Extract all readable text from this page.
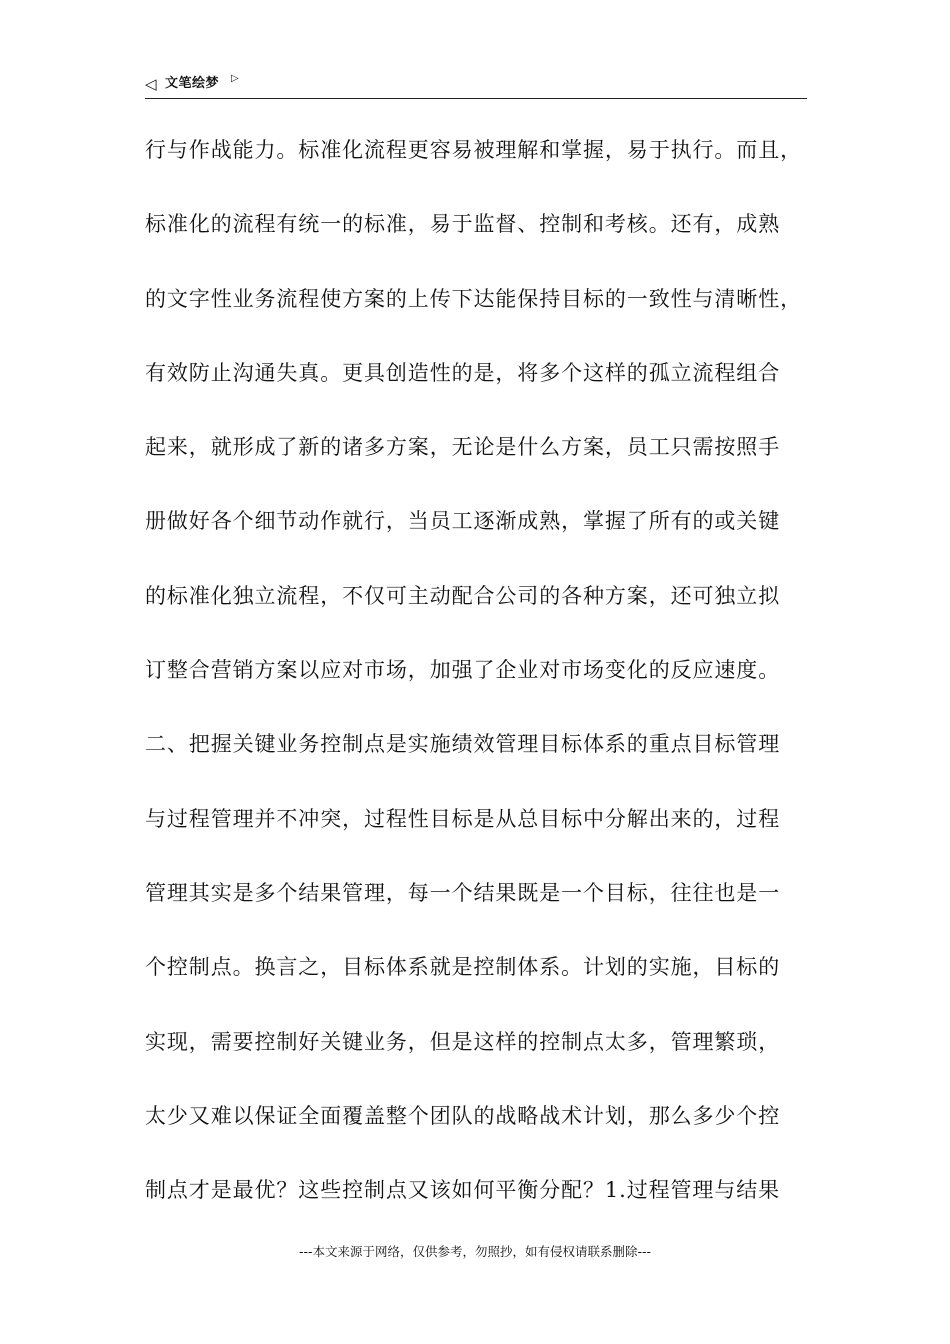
◁ 文笔绘梦 ▷
行与作战能力。标准化流程更容易被理解和掌握，易于执行。而且，
标准化的流程有统一的标准，易于监督、控制和考核。还有，成熟
的文字性业务流程使方案的上传下达能保持目标的一致性与清晰性，
有效防止沟通失真。更具创造性的是，将多个这样的孤立流程组合
起来，就形成了新的诸多方案，无论是什么方案，员工只需按照手
册做好各个细节动作就行，当员工逐渐成熟，掌握了所有的或关键
的标准化独立流程，不仅可主动配合公司的各种方案，还可独立拟
订整合营销方案以应对市场，加强了企业对市场变化的反应速度。
二、把握关键业务控制点是实施绩效管理目标体系的重点目标管理
与过程管理并不冲突，过程性目标是从总目标中分解出来的，过程
管理其实是多个结果管理，每一个结果既是一个目标，往往也是一
个控制点。换言之，目标体系就是控制体系。计划的实施，目标的
实现，需要控制好关键业务，但是这样的控制点太多，管理繁琐，
太少又难以保证全面覆盖整个团队的战略战术计划，那么多少个控
制点才是最优？这些控制点又该如何平衡分配？1.过程管理与结果
---本文来源于网络，仅供参考，勿照抄，如有侵权请联系删除---
